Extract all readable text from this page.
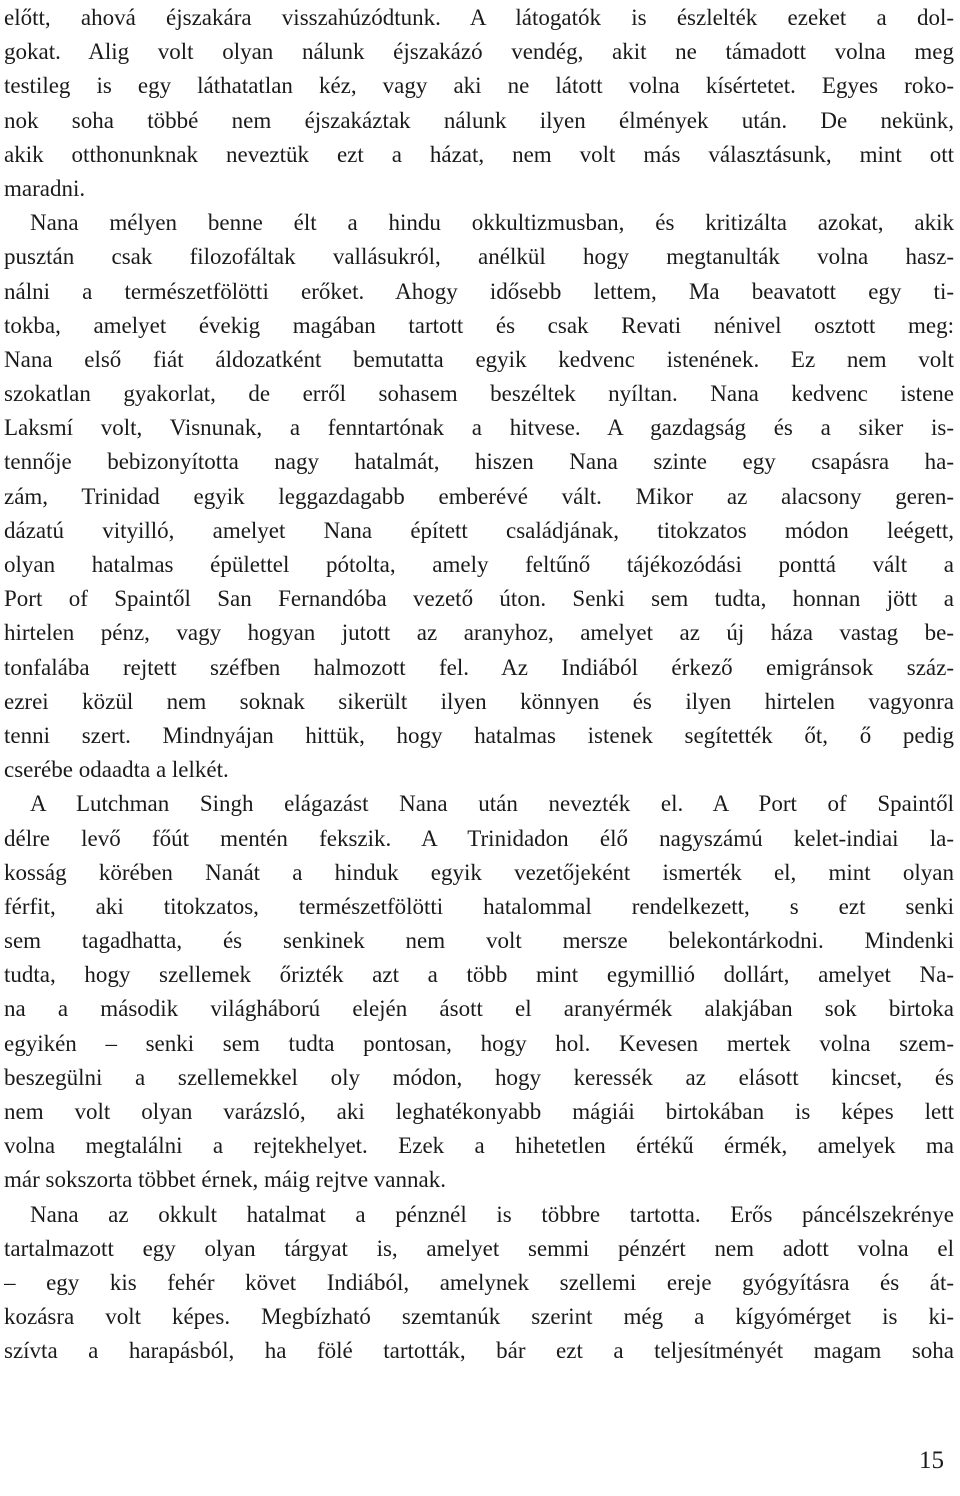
előtt, ahová éjszakára visszahúzódtunk. A látogatók is észlelték ezeket a dol-
gokat. Alig volt olyan nálunk éjszakázó vendég, akit ne támadott volna meg
testileg is egy láthatatlan kéz, vagy aki ne látott volna kísértetet. Egyes roko-
nok soha többé nem éjszakáztak nálunk ilyen élmények után. De nekünk,
akik otthonunknak neveztük ezt a házat, nem volt más választásunk, mint ott
maradni.
Nana mélyen benne élt a hindu okkultizmusban, és kritizálta azokat, akik
pusztán csak filozofáltak vallásukról, anélkül hogy megtanulták volna hasz-
nálni a természetfölötti erőket. Ahogy idősebb lettem, Ma beavatott egy ti-
tokba, amelyet évekig magában tartott és csak Revati nénivel osztott meg:
Nana első fiát áldozatként bemutatta egyik kedvenc istenének. Ez nem volt
szokatlan gyakorlat, de erről sohasem beszéltek nyíltan. Nana kedvenc istene
Laksmí volt, Visnunak, a fenntartónak a hitvese. A gazdagság és a siker is-
tennője bebizonyította nagy hatalmát, hiszen Nana szinte egy csapásra ha-
zám, Trinidad egyik leggazdagabb emberévé vált. Mikor az alacsony geren-
dázatú vityilló, amelyet Nana épített családjának, titokzatos módon leégett,
olyan hatalmas épülettel pótolta, amely feltűnő tájékozódási ponttá vált a
Port of Spaintől San Fernandóba vezető úton. Senki sem tudta, honnan jött a
hirtelen pénz, vagy hogyan jutott az aranyhoz, amelyet az új háza vastag be-
tonfalába rejtett széfben halmozott fel. Az Indiából érkező emigránsok száz-
ezrei közül nem soknak sikerült ilyen könnyen és ilyen hirtelen vagyonra
tenni szert. Mindnyájan hittük, hogy hatalmas istenek segítették őt, ő pedig
cserébe odaadta a lelkét.
A Lutchman Singh elágazást Nana után nevezték el. A Port of Spaintől
délre levő főút mentén fekszik. A Trinidadon élő nagyszámú kelet-indiai la-
kosság körében Nanát a hinduk egyik vezetőjeként ismerték el, mint olyan
férfit, aki titokzatos, természetfölötti hatalommal rendelkezett, s ezt senki
sem tagadhatta, és senkinek nem volt mersze belekontárkodni. Mindenki
tudta, hogy szellemek őrizték azt a több mint egymillió dollárt, amelyet Na-
na a második világháború elején ásott el aranyérmék alakjában sok birtoka
egyikén – senki sem tudta pontosan, hogy hol. Kevesen mertek volna szem-
beszegülni a szellemekkel oly módon, hogy keressék az elásott kincset, és
nem volt olyan varázsló, aki leghatékonyabb mágiái birtokában is képes lett
volna megtalálni a rejtekhelyet. Ezek a hihetetlen értékű érmék, amelyek ma
már sokszorta többet érnek, máig rejtve vannak.
Nana az okkult hatalmat a pénznél is többre tartotta. Erős páncélszekrénye
tartalmazott egy olyan tárgyat is, amelyet semmi pénzért nem adott volna el
– egy kis fehér követ Indiából, amelynek szellemi ereje gyógyításra és át-
kozásra volt képes. Megbízható szemtanúk szerint még a kígyómérget is ki-
szívta a harapásból, ha fölé tartották, bár ezt a teljesítményét magam soha
15
